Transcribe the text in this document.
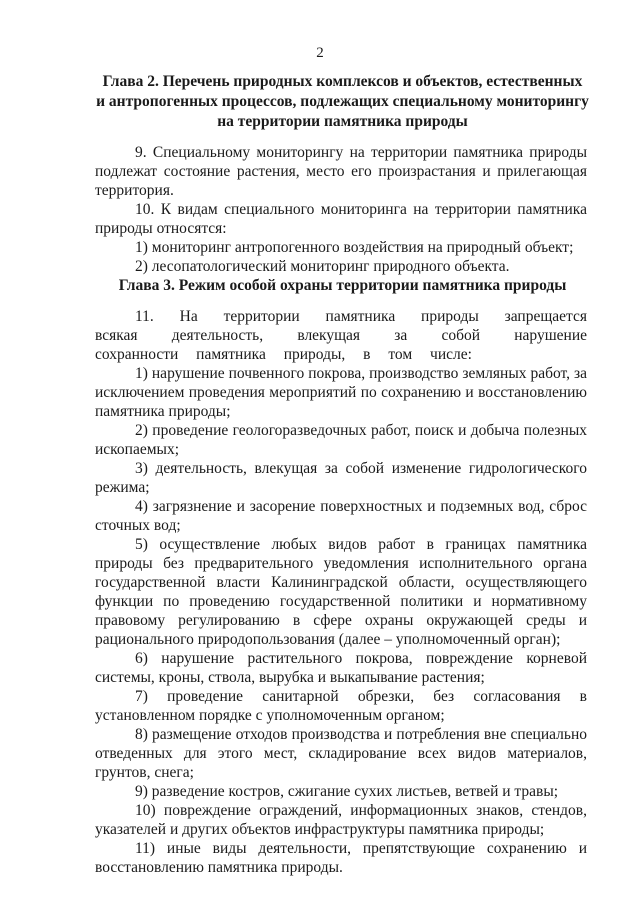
2
Глава 2. Перечень природных комплексов и объектов, естественных
и антропогенных процессов, подлежащих специальному мониторингу
на территории памятника природы

9. Специальному мониторингу на территории памятника природы подлежат состояние растения, место его произрастания и прилегающая территория.

10. К видам специального мониторинга на территории памятника природы относятся:

1) мониторинг антропогенного воздействия на природный объект;

2) лесопатологический мониторинг природного объекта.

Глава 3. Режим особой охраны территории памятника природы

11. На территории памятника природы запрещается всякая деятельность, влекущая за собой нарушение сохранности памятника природы, в том числе:

1) нарушение почвенного покрова, производство земляных работ, за исключением проведения мероприятий по сохранению и восстановлению памятника природы;

2) проведение геологоразведочных работ, поиск и добыча полезных ископаемых;

3) деятельность, влекущая за собой изменение гидрологического режима;

4) загрязнение и засорение поверхностных и подземных вод, сброс сточных вод;

5) осуществление любых видов работ в границах памятника природы без предварительного уведомления исполнительного органа государственной власти Калининградской области, осуществляющего функции по проведению государственной политики и нормативному правовому регулированию в сфере охраны окружающей среды и рационального природопользования (далее – уполномоченный орган);

6) нарушение растительного покрова, повреждение корневой системы, кроны, ствола, вырубка и выкапывание растения;

7) проведение санитарной обрезки, без согласования в установленном порядке с уполномоченным органом;

8) размещение отходов производства и потребления вне специально отведенных для этого мест, складирование всех видов материалов, грунтов, снега;

9) разведение костров, сжигание сухих листьев, ветвей и травы;

10) повреждение ограждений, информационных знаков, стендов, указателей и других объектов инфраструктуры памятника природы;

11) иные виды деятельности, препятствующие сохранению и восстановлению памятника природы.
